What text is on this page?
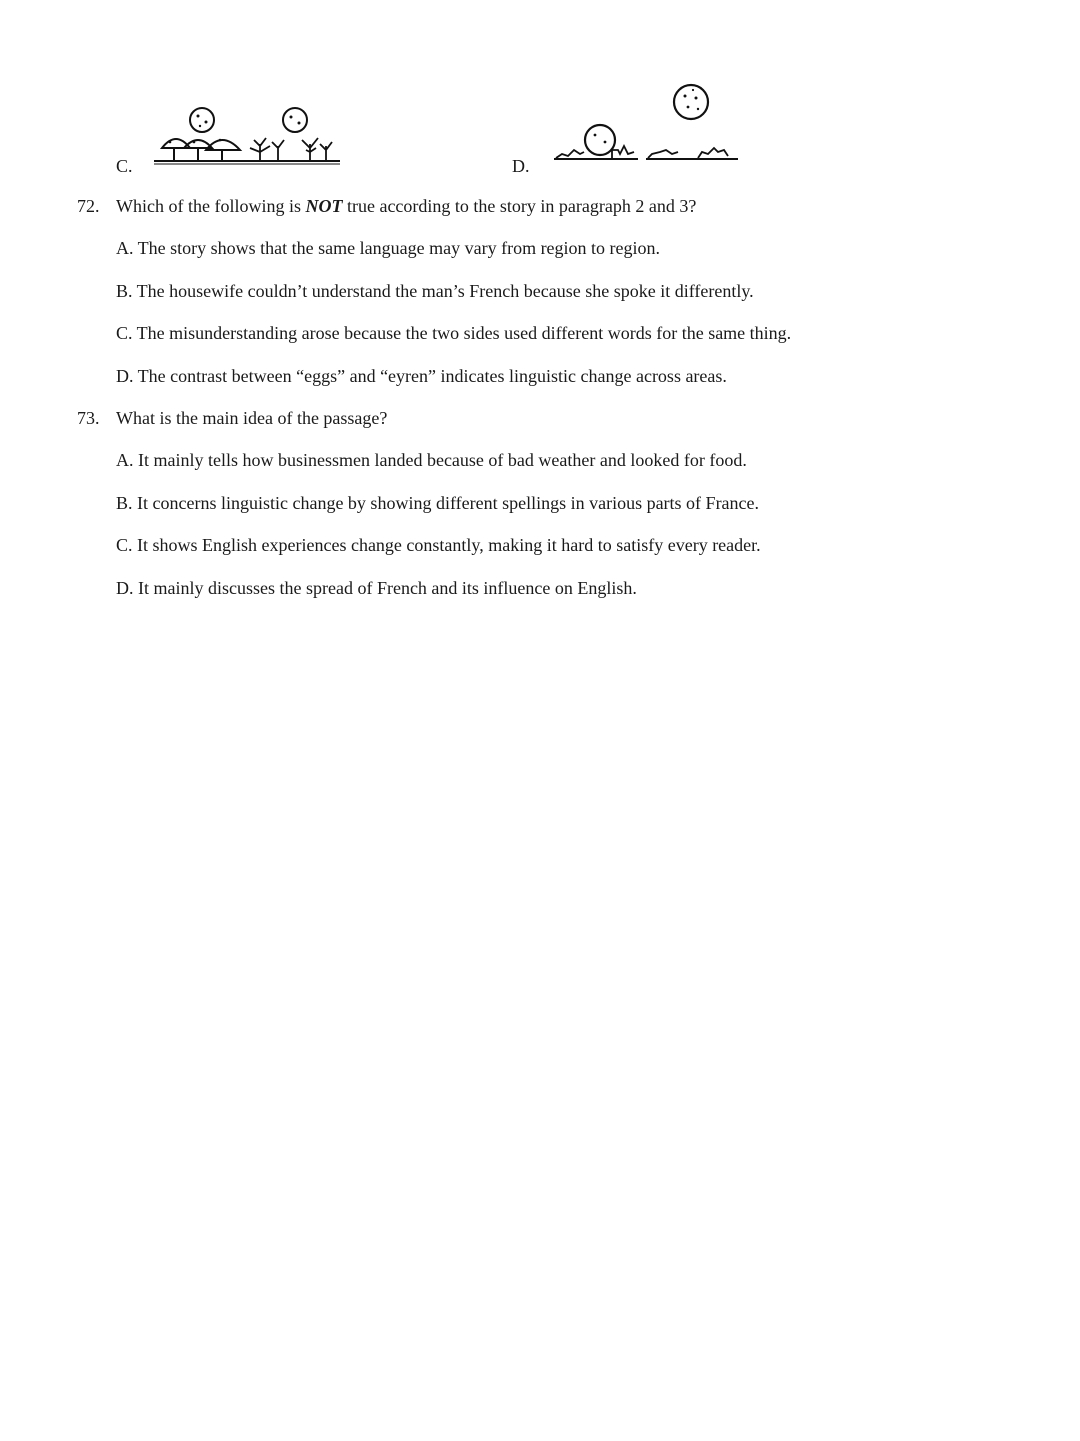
C.	D.
72. Which of the following is NOT true according to the story in paragraph 2 and 3?
A. The story shows that the same language may vary from region to region.
B. The housewife couldn’t understand the man’s French because she spoke it differently.
C. The misunderstanding arose because the two sides used different words for the same thing.
D. The contrast between “eggs” and “eyren” indicates linguistic change across areas.
73. What is the main idea of the passage?
A. It mainly tells how businessmen landed because of bad weather and looked for food.
B. It concerns linguistic change by showing different spellings in various parts of France.
C. It shows English experiences change constantly, making it hard to satisfy every reader.
D. It mainly discusses the spread of French and its influence on English.
